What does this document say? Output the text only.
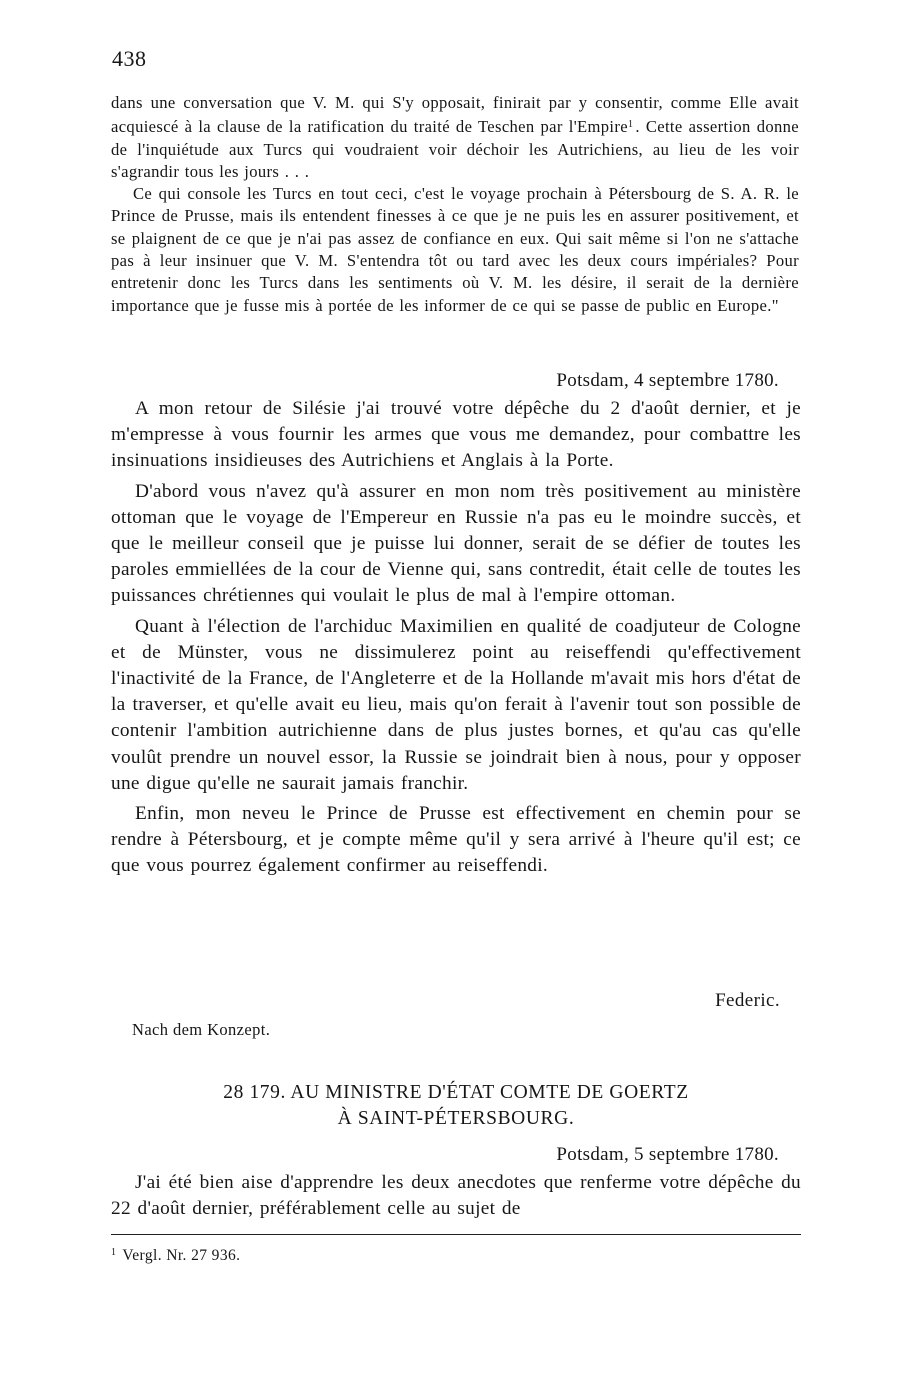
438

dans une conversation que V. M. qui S'y opposait, finirait par y consentir, comme Elle avait acquiescé à la clause de la ratification du traité de Teschen par l'Empire$^1$ . Cette assertion donne de l'inquiétude aux Turcs qui voudraient voir déchoir les Autrichiens, au lieu de les voir s'agrandir tous les jours . . .

Ce qui console les Turcs en tout ceci, c'est le voyage prochain à Pétersbourg de S. A. R. le Prince de Prusse, mais ils entendent finesses à ce que je ne puis les en assurer positivement, et se plaignent de ce que je n'ai pas assez de confiance en eux. Qui sait même si l'on ne s'attache pas à leur insinuer que V. M. S'entendra tôt ou tard avec les deux cours impériales? Pour entretenir donc les Turcs dans les sentiments où V. M. les désire, il serait de la dernière importance que je fusse mis à portée de les informer de ce qui se passe de public en Europe."

Potsdam, 4 septembre 1780.

A mon retour de Silésie j'ai trouvé votre dépêche du 2 d'août dernier, et je m'empresse à vous fournir les armes que vous me demandez, pour combattre les insinuations insidieuses des Autrichiens et Anglais à la Porte.

D'abord vous n'avez qu'à assurer en mon nom très positivement au ministère ottoman que le voyage de l'Empereur en Russie n'a pas eu le moindre succès, et que le meilleur conseil que je puisse lui donner, serait de se défier de toutes les paroles emmiellées de la cour de Vienne qui, sans contredit, était celle de toutes les puissances chrétiennes qui voulait le plus de mal à l'empire ottoman.

Quant à l'élection de l'archiduc Maximilien en qualité de coadjuteur de Cologne et de Münster, vous ne dissimulerez point au reiseffendi qu'effectivement l'inactivité de la France, de l'Angleterre et de la Hollande m'avait mis hors d'état de la traverser, et qu'elle avait eu lieu, mais qu'on ferait à l'avenir tout son possible de contenir l'ambition autrichienne dans de plus justes bornes, et qu'au cas qu'elle voulût prendre un nouvel essor, la Russie se joindrait bien à nous, pour y opposer une digue qu'elle ne saurait jamais franchir.

Enfin, mon neveu le Prince de Prusse est effectivement en chemin pour se rendre à Pétersbourg, et je compte même qu'il y sera arrivé à l'heure qu'il est; ce que vous pourrez également confirmer au reiseffendi.

Federic.
Nach dem Konzept.
28 179. AU MINISTRE D'ÉTAT COMTE DE GOERTZ
À SAINT-PÉTERSBOURG.
Potsdam, 5 septembre 1780.

J'ai été bien aise d'apprendre les deux anecdotes que renferme votre dépêche du 22 d'août dernier, préférablement celle au sujet de

$^1$ Vergl. Nr. 27 936.
